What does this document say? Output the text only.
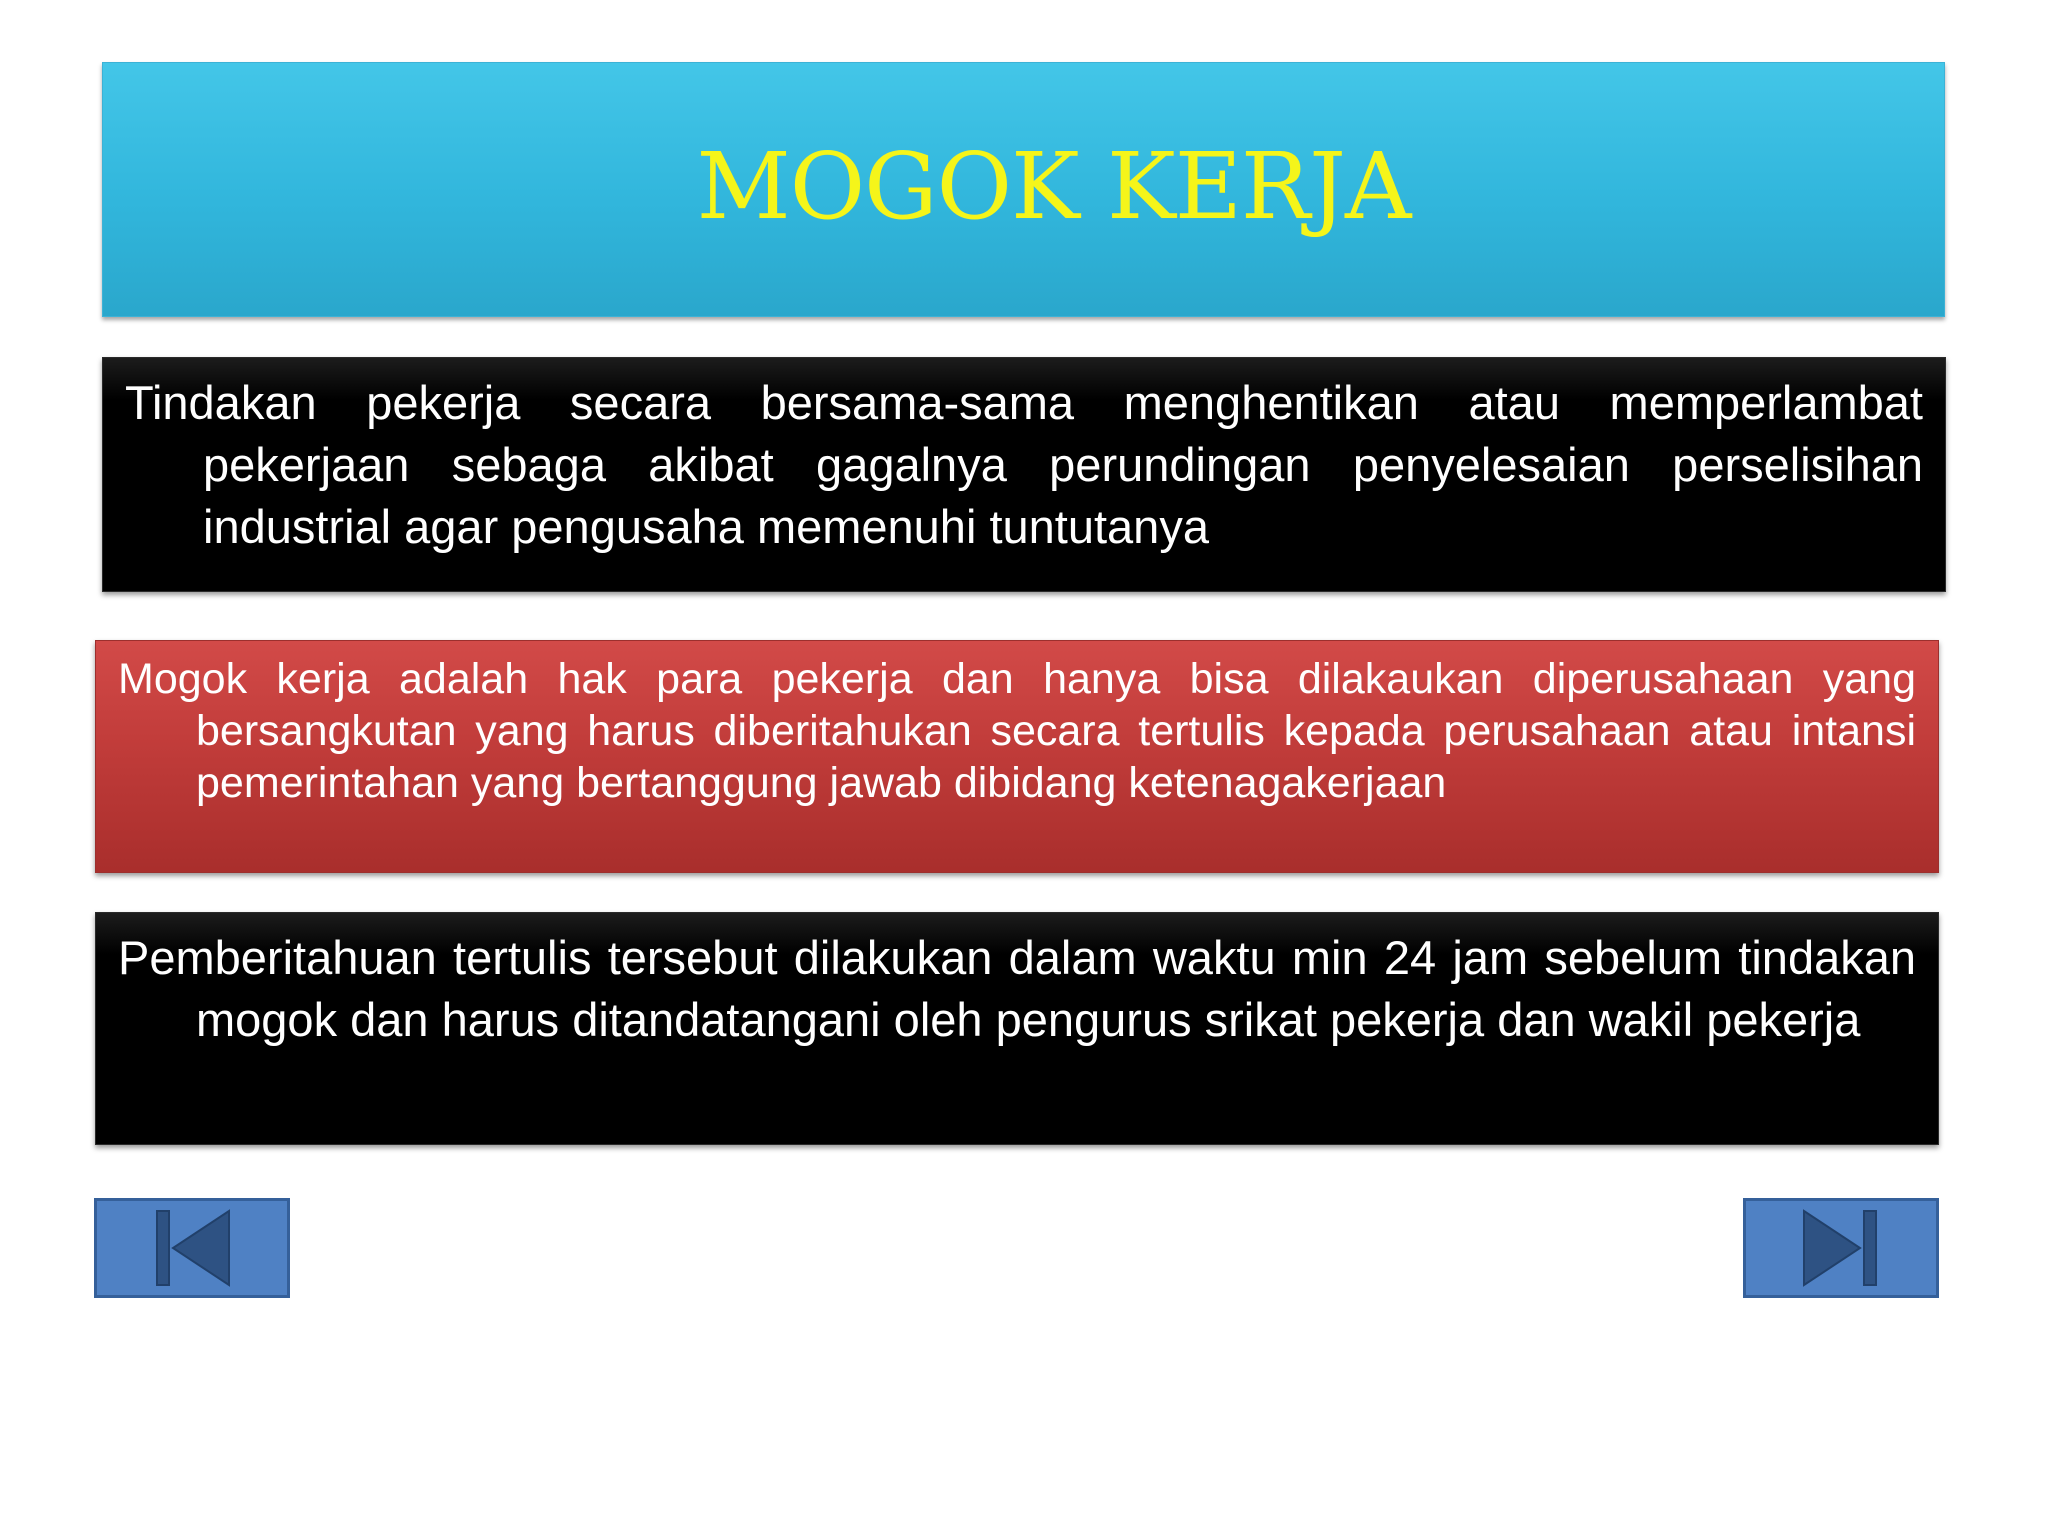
MOGOK KERJA

Tindakan pekerja secara bersama-sama menghentikan atau memperlambat pekerjaan sebaga akibat gagalnya perundingan penyelesaian perselisihan industrial agar pengusaha memenuhi tuntutanya

Mogok kerja adalah hak para pekerja dan hanya bisa dilakaukan diperusahaan yang bersangkutan yang harus diberitahukan secara tertulis kepada perusahaan atau intansi pemerintahan yang bertanggung jawab dibidang ketenagakerjaan

Pemberitahuan tertulis tersebut dilakukan dalam waktu min 24 jam sebelum tindakan mogok dan harus ditandatangani oleh pengurus srikat pekerja dan wakil pekerja
